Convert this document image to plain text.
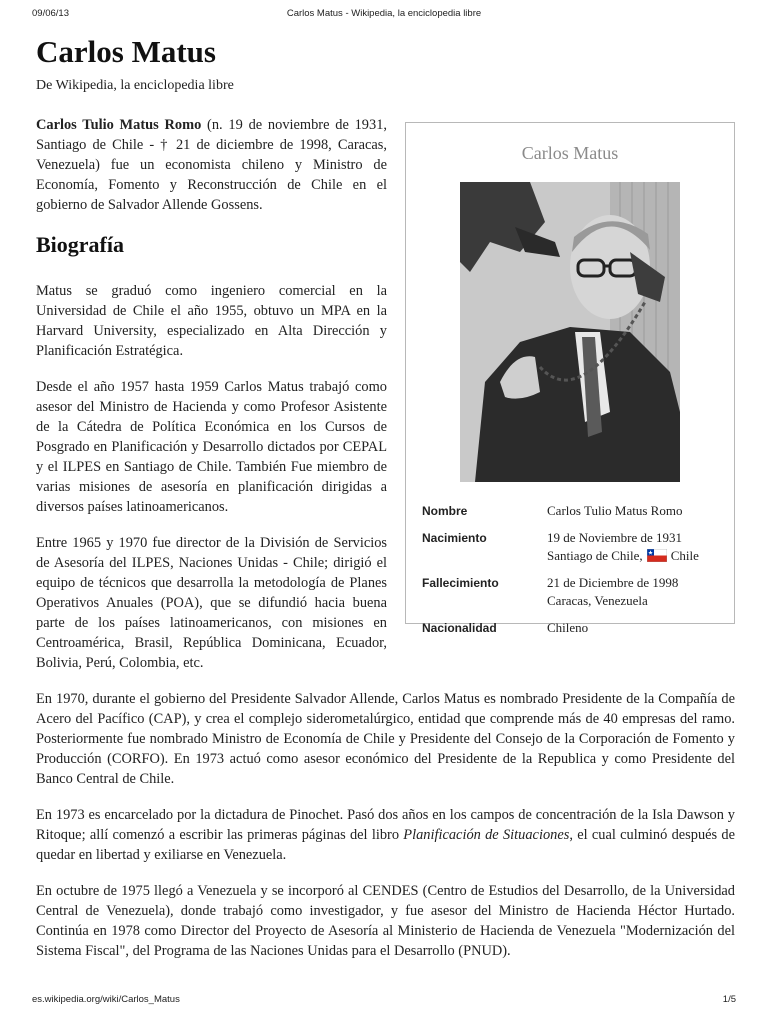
09/06/13	Carlos Matus - Wikipedia, la enciclopedia libre
Carlos Matus
De Wikipedia, la enciclopedia libre
Carlos Matus
Nombre	Carlos Tulio Matus Romo
Nacimiento	19 de Noviembre de 1931
Santiago de Chile, Chile
Fallecimiento	21 de Diciembre de 1998
Caracas, Venezuela
Nacionalidad	Chileno

Carlos Tulio Matus Romo (n. 19 de noviembre de 1931, Santiago de Chile - † 21 de diciembre de 1998, Caracas, Venezuela) fue un economista chileno y Ministro de Economía, Fomento y Reconstrucción de Chile en el gobierno de Salvador Allende Gossens.

Biografía

Matus se graduó como ingeniero comercial en la Universidad de Chile el año 1955, obtuvo un MPA en la Harvard University, especializado en Alta Dirección y Planificación Estratégica.

Desde el año 1957 hasta 1959 Carlos Matus trabajó como asesor del Ministro de Hacienda y como Profesor Asistente de la Cátedra de Política Económica en los Cursos de Posgrado en Planificación y Desarrollo dictados por CEPAL y el ILPES en Santiago de Chile. También Fue miembro de varias misiones de asesoría en planificación dirigidas a diversos países latinoamericanos.

Entre 1965 y 1970 fue director de la División de Servicios de Asesoría del ILPES, Naciones Unidas - Chile; dirigió el equipo de técnicos que desarrolla la metodología de Planes Operativos Anuales (POA), que se difundió hacia buena parte de los países latinoamericanos, con misiones en Centroamérica, Brasil, República Dominicana, Ecuador, Bolivia, Perú, Colombia, etc.

En 1970, durante el gobierno del Presidente Salvador Allende, Carlos Matus es nombrado Presidente de la Compañía de Acero del Pacífico (CAP), y crea el complejo siderometalúrgico, entidad que comprende más de 40 empresas del ramo. Posteriormente fue nombrado Ministro de Economía de Chile y Presidente del Consejo de la Corporación de Fomento y Producción (CORFO). En 1973 actuó como asesor económico del Presidente de la Republica y como Presidente del Banco Central de Chile.

En 1973 es encarcelado por la dictadura de Pinochet. Pasó dos años en los campos de concentración de la Isla Dawson y Ritoque; allí comenzó a escribir las primeras páginas del libro Planificación de Situaciones, el cual culminó después de quedar en libertad y exiliarse en Venezuela.

En octubre de 1975 llegó a Venezuela y se incorporó al CENDES (Centro de Estudios del Desarrollo, de la Universidad Central de Venezuela), donde trabajó como investigador, y fue asesor del Ministro de Hacienda Héctor Hurtado. Continúa en 1978 como Director del Proyecto de Asesoría al Ministerio de Hacienda de Venezuela "Modernización del Sistema Fiscal", del Programa de las Naciones Unidas para el Desarrollo (PNUD).

es.wikipedia.org/wiki/Carlos_Matus	1/5
